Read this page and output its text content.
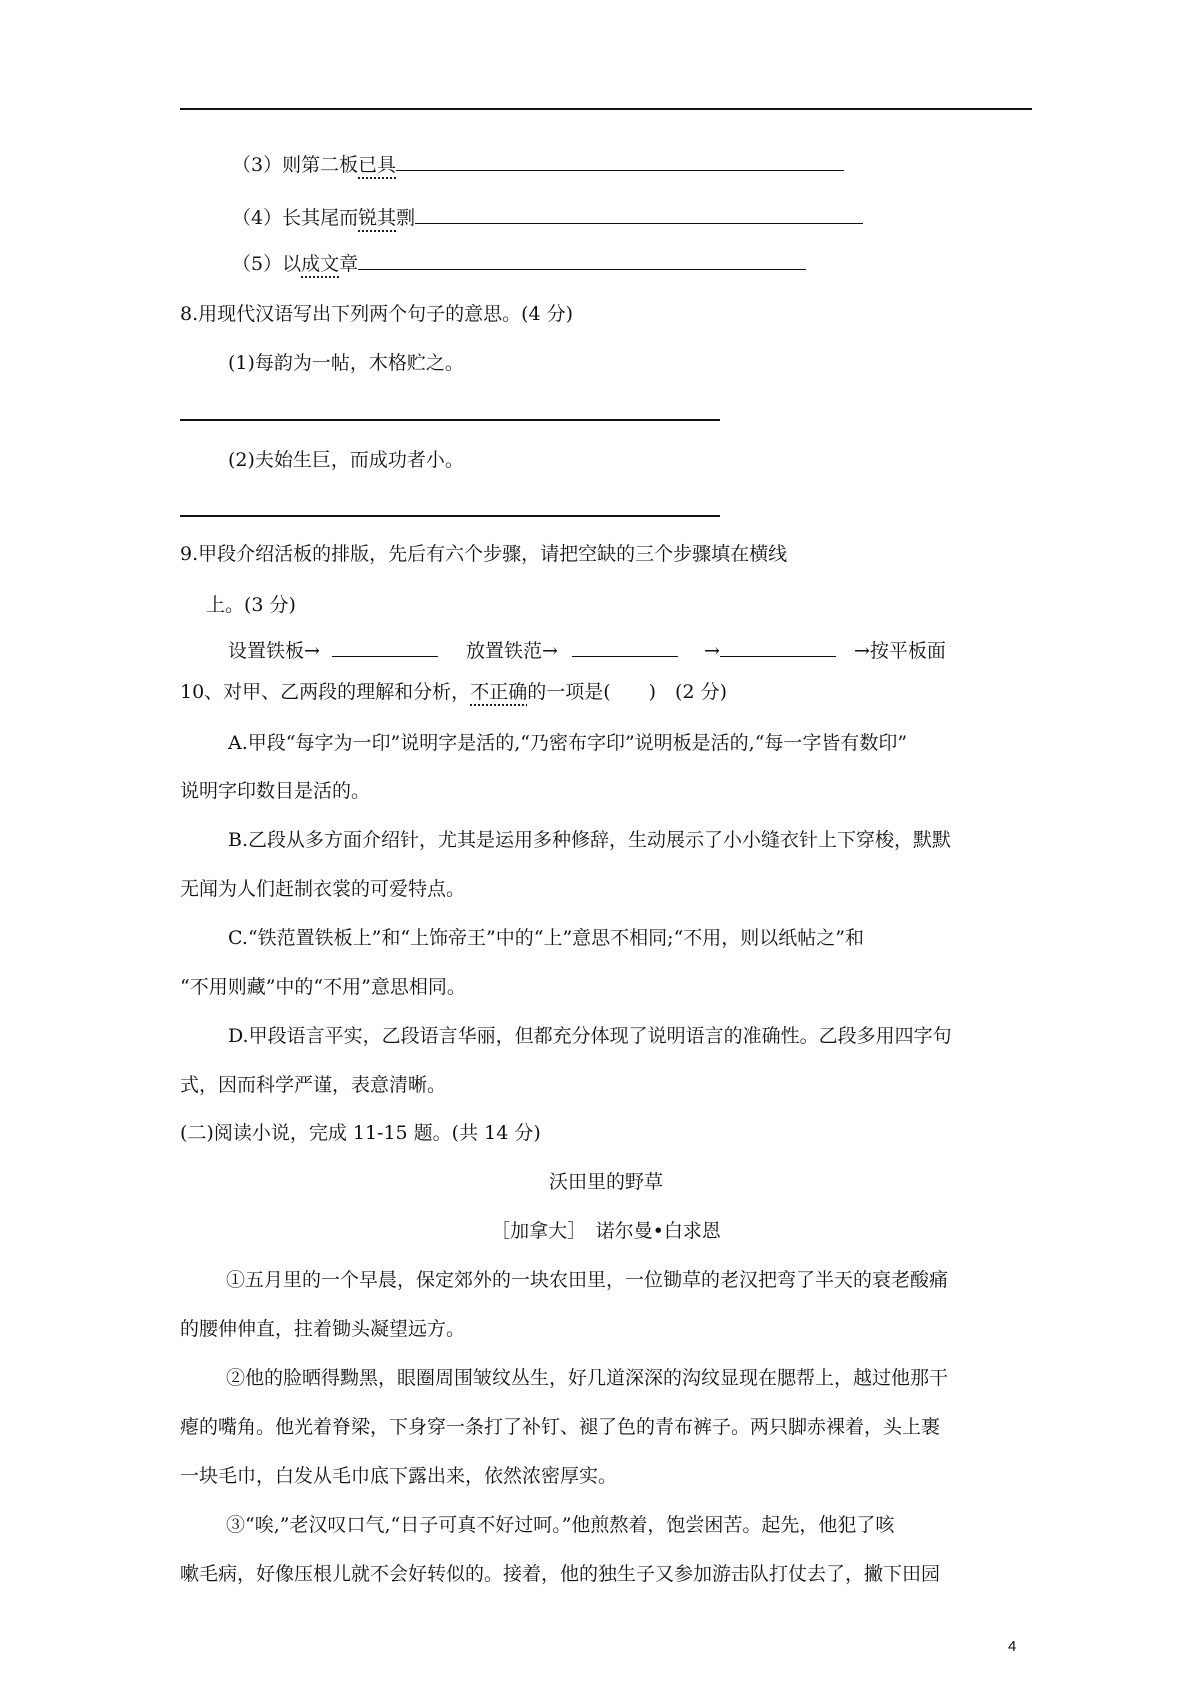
（3）则第二板已具
（4）长其尾而锐其剽
（5）以成文章
8.用现代汉语写出下列两个句子的意思。(4 分)
(1)每韵为一帖，木格贮之。
(2)夫始生巨，而成功者小。
9.甲段介绍活板的排版，先后有六个步骤，请把空缺的三个步骤填在横线
上。(3 分)
设置铁板→	放置铁范→	→	→按平板面
10、对甲、乙两段的理解和分析，不正确的一项是(　　)　(2 分)
A.甲段“每字为一印”说明字是活的,“乃密布字印”说明板是活的,“每一字皆有数印”
说明字印数目是活的。
B.乙段从多方面介绍针，尤其是运用多种修辞，生动展示了小小缝衣针上下穿梭，默默
无闻为人们赶制衣裳的可爱特点。
C.“铁范置铁板上”和“上饰帝王”中的“上”意思不相同;“不用，则以纸帖之”和
“不用则藏”中的“不用”意思相同。
D.甲段语言平实，乙段语言华丽，但都充分体现了说明语言的准确性。乙段多用四字句
式，因而科学严谨，表意清晰。
(二)阅读小说，完成 11-15 题。(共 14 分)
沃田里的野草
［加拿大］　诺尔曼•白求恩
①五月里的一个早晨，保定郊外的一块农田里，一位锄草的老汉把弯了半天的衰老酸痛
的腰伸伸直，拄着锄头凝望远方。
②他的脸晒得黝黑，眼圈周围皱纹丛生，好几道深深的沟纹显现在腮帮上，越过他那干
瘪的嘴角。他光着脊梁，下身穿一条打了补钉、褪了色的青布裤子。两只脚赤裸着，头上裹
一块毛巾，白发从毛巾底下露出来，依然浓密厚实。
③“唉,”老汉叹口气,“日子可真不好过呵。”他煎熬着，饱尝困苦。起先，他犯了咳
嗽毛病，好像压根儿就不会好转似的。接着，他的独生子又参加游击队打仗去了，撇下田园
4
